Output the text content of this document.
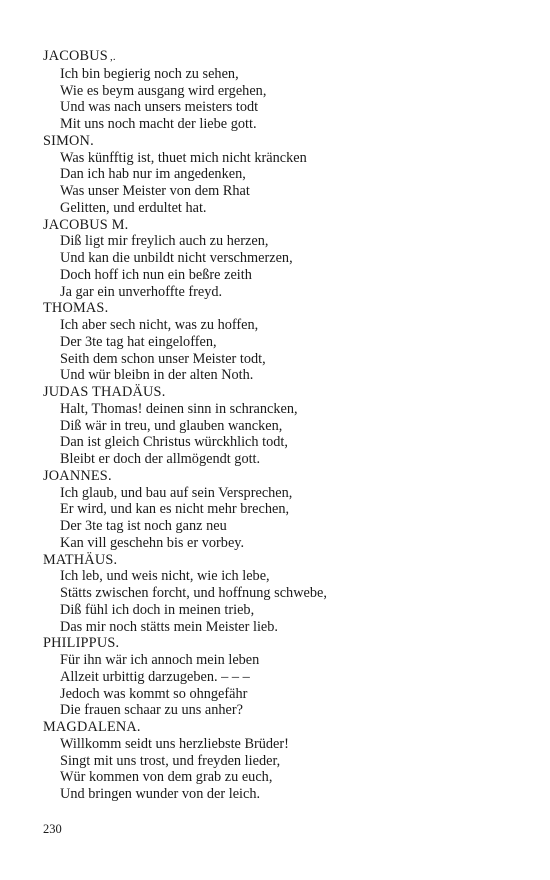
JACOBUS ,.
Ich bin begierig noch zu sehen,
Wie es beym ausgang wird ergehen,
Und was nach unsers meisters todt
Mit uns noch macht der liebe gott.
SIMON.
Was künfftig ist, thuet mich nicht kräncken
Dan ich hab nur im angedenken,
Was unser Meister von dem Rhat
Gelitten, und erdultet hat.
JACOBUS M.
Diß ligt mir freylich auch zu herzen,
Und kan die unbildt nicht verschmerzen,
Doch hoff ich nun ein beßre zeith
Ja gar ein unverhoffte freyd.
THOMAS.
Ich aber sech nicht, was zu hoffen,
Der 3te tag hat eingeloffen,
Seith dem schon unser Meister todt,
Und wür bleibn in der alten Noth.
JUDAS THADÄUS.
Halt, Thomas! deinen sinn in schrancken,
Diß wär in treu, und glauben wancken,
Dan ist gleich Christus würckhlich todt,
Bleibt er doch der allmögendt gott.
JOANNES.
Ich glaub, und bau auf sein Versprechen,
Er wird, und kan es nicht mehr brechen,
Der 3te tag ist noch ganz neu
Kan vill geschehn bis er vorbey.
MATHÄUS.
Ich leb, und weis nicht, wie ich lebe,
Stätts zwischen forcht, und hoffnung schwebe,
Diß fühl ich doch in meinen trieb,
Das mir noch stätts mein Meister lieb.
PHILIPPUS.
Für ihn wär ich annoch mein leben
Allzeit urbittig darzugeben. – – –
Jedoch was kommt so ohngefähr
Die frauen schaar zu uns anher?
MAGDALENA.
Willkomm seidt uns herzliebste Brüder!
Singt mit uns trost, und freyden lieder,
Wür kommen von dem grab zu euch,
Und bringen wunder von der leich.
230
